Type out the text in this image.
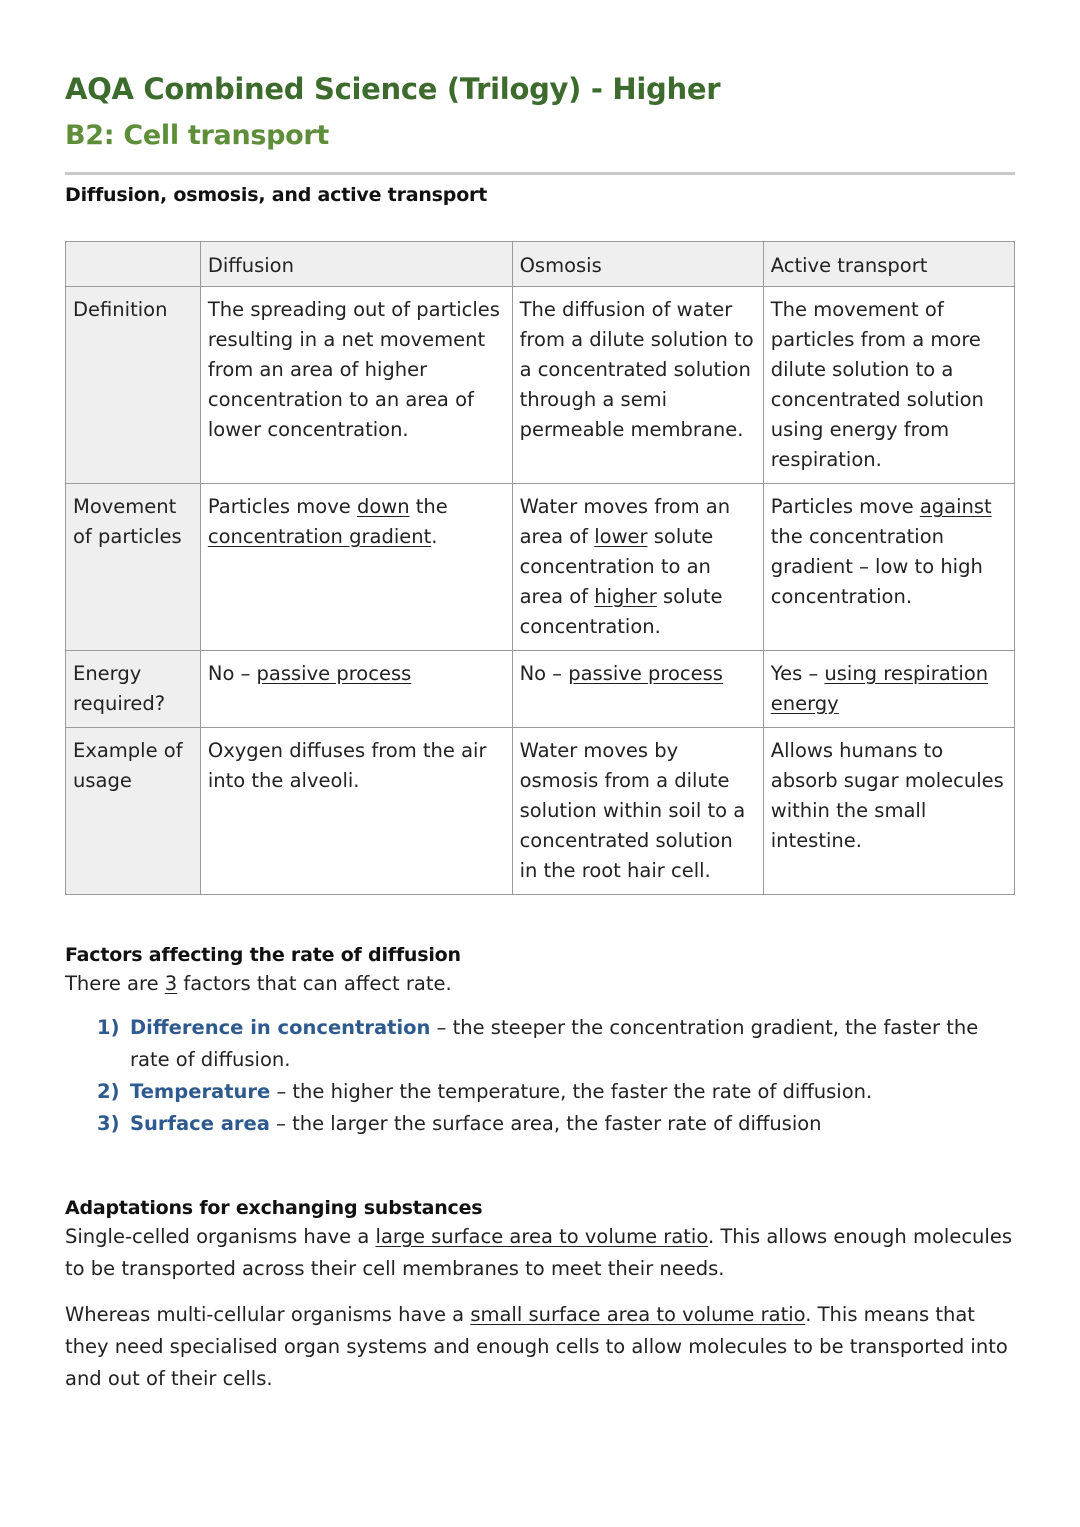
AQA Combined Science (Trilogy) - Higher
B2: Cell transport
Diffusion, osmosis, and active transport
	Diffusion	Osmosis	Active transport
Definition	The spreading out of particles resulting in a net movement from an area of higher concentration to an area of lower concentration.	The diffusion of water from a dilute solution to a concentrated solution through a semi permeable membrane.	The movement of particles from a more dilute solution to a concentrated solution using energy from respiration.
Movement of particles	Particles move down the concentration gradient.	Water moves from an area of lower solute concentration to an area of higher solute concentration.	Particles move against the concentration gradient – low to high concentration.
Energy required?	No – passive process	No – passive process	Yes – using respiration energy
Example of usage	Oxygen diffuses from the air into the alveoli.	Water moves by osmosis from a dilute solution within soil to a concentrated solution in the root hair cell.	Allows humans to absorb sugar molecules within the small intestine.
Factors affecting the rate of diffusion

There are 3 factors that can affect rate.

1) Difference in concentration – the steeper the concentration gradient, the faster the rate of diffusion.
2) Temperature – the higher the temperature, the faster the rate of diffusion.
3) Surface area – the larger the surface area, the faster rate of diffusion
Adaptations for exchanging substances

Single-celled organisms have a large surface area to volume ratio. This allows enough molecules to be transported across their cell membranes to meet their needs.

Whereas multi-cellular organisms have a small surface area to volume ratio. This means that they need specialised organ systems and enough cells to allow molecules to be transported into and out of their cells.
